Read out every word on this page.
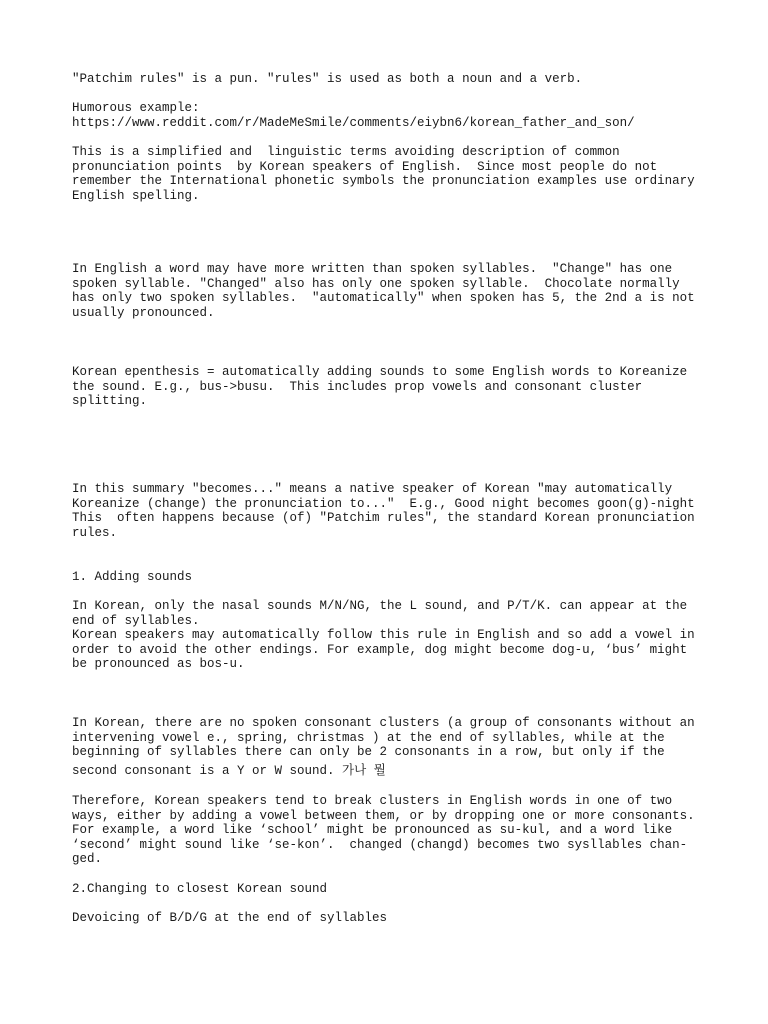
"Patchim rules" is a pun. "rules" is used as both a noun and a verb.

Humorous example:

https://www.reddit.com/r/MadeMeSmile/comments/eiybn6/korean_father_and_son/

This is a simplified and  linguistic terms avoiding description of common

pronunciation points  by Korean speakers of English.  Since most people do not

remember the International phonetic symbols the pronunciation examples use ordinary

English spelling.

In English a word may have more written than spoken syllables.  "Change" has one

spoken syllable. "Changed" also has only one spoken syllable.  Chocolate normally

has only two spoken syllables.  "automatically" when spoken has 5, the 2nd a is not

usually pronounced.

Korean epenthesis = automatically adding sounds to some English words to Koreanize

the sound. E.g., bus->busu.  This includes prop vowels and consonant cluster

splitting.

In this summary "becomes..." means a native speaker of Korean "may automatically

Koreanize (change) the pronunciation to..."  E.g., Good night becomes goon(g)-night

This  often happens because (of) "Patchim rules", the standard Korean pronunciation

rules.

1. Adding sounds

In Korean, only the nasal sounds M/N/NG, the L sound, and P/T/K. can appear at the

end of syllables.

Korean speakers may automatically follow this rule in English and so add a vowel in

order to avoid the other endings. For example, dog might become dog-u, ‘bus’ might

be pronounced as bos-u.

In Korean, there are no spoken consonant clusters (a group of consonants without an

intervening vowel e., spring, christmas ) at the end of syllables, while at the

beginning of syllables there can only be 2 consonants in a row, but only if the

second consonant is a Y or W sound. 가나 뭘

Therefore, Korean speakers tend to break clusters in English words in one of two

ways, either by adding a vowel between them, or by dropping one or more consonants.

For example, a word like ‘school’ might be pronounced as su-kul, and a word like

‘second’ might sound like ‘se-kon’.  changed (changd) becomes two sysllables chan-

ged.

2.Changing to closest Korean sound

Devoicing of B/D/G at the end of syllables
